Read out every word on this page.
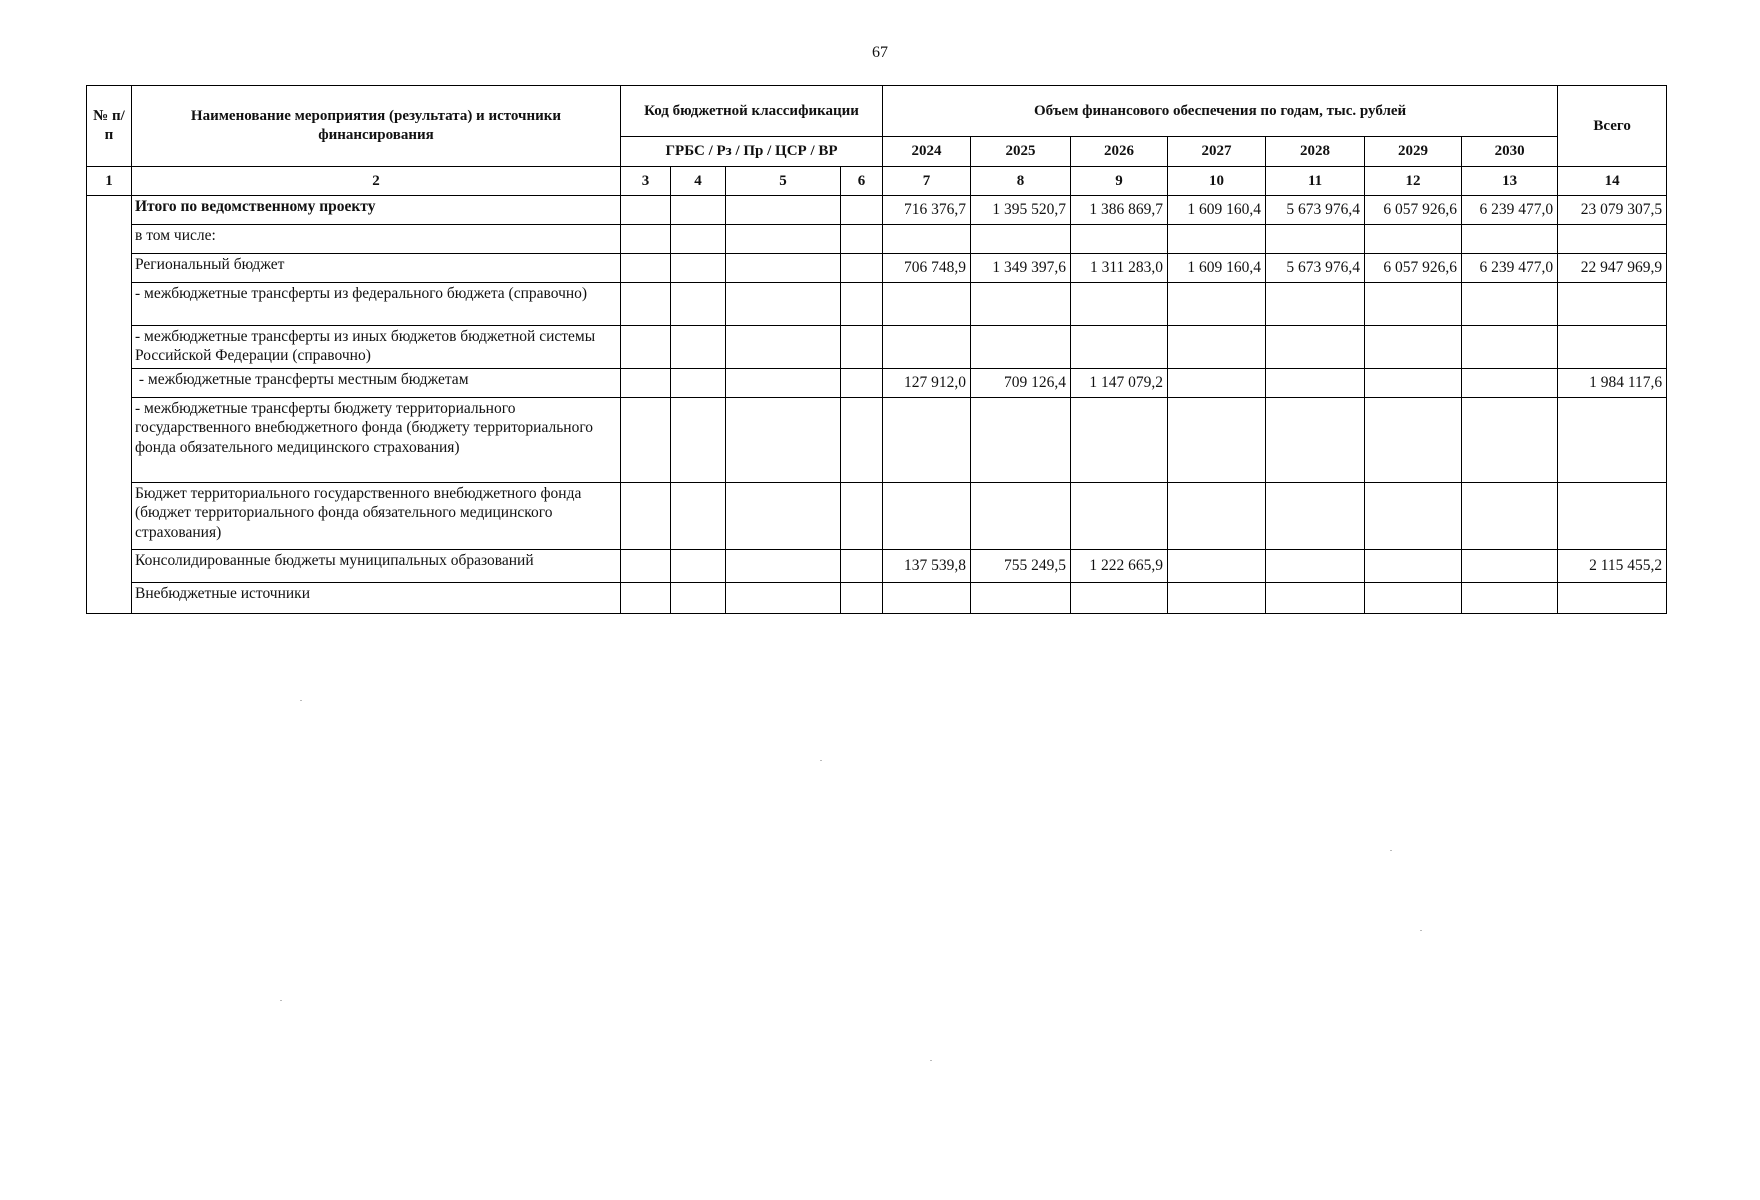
67
№ п/п	Наименование мероприятия (результата) и источники финансирования	Код бюджетной классификации				Объем финансового обеспечения по годам, тыс. рублей							Всего
		ГРБС / Рз / Пр / ЦСР / ВР				2024	2025	2026	2027	2028	2029	2030	
1	2	3	4	5	6	7	8	9	10	11	12	13	14
	Итого по ведомственному проекту					716 376,7	1 395 520,7	1 386 869,7	1 609 160,4	5 673 976,4	6 057 926,6	6 239 477,0	23 079 307,5
	в том числе:												
	Региональный бюджет					706 748,9	1 349 397,6	1 311 283,0	1 609 160,4	5 673 976,4	6 057 926,6	6 239 477,0	22 947 969,9
	- межбюджетные трансферты из федерального бюджета (справочно)												
	- межбюджетные трансферты из иных бюджетов бюджетной системы Российской Федерации (справочно)												
	- межбюджетные трансферты местным бюджетам					127 912,0	709 126,4	1 147 079,2					1 984 117,6
	- межбюджетные трансферты бюджету территориального государственного внебюджетного фонда (бюджету территориального фонда обязательного медицинского страхования)												
	Бюджет территориального государственного внебюджетного фонда (бюджет территориального фонда обязательного медицинского страхования)												
	Консолидированные бюджеты муниципальных образований					137 539,8	755 249,5	1 222 665,9					2 115 455,2
	Внебюджетные источники												
